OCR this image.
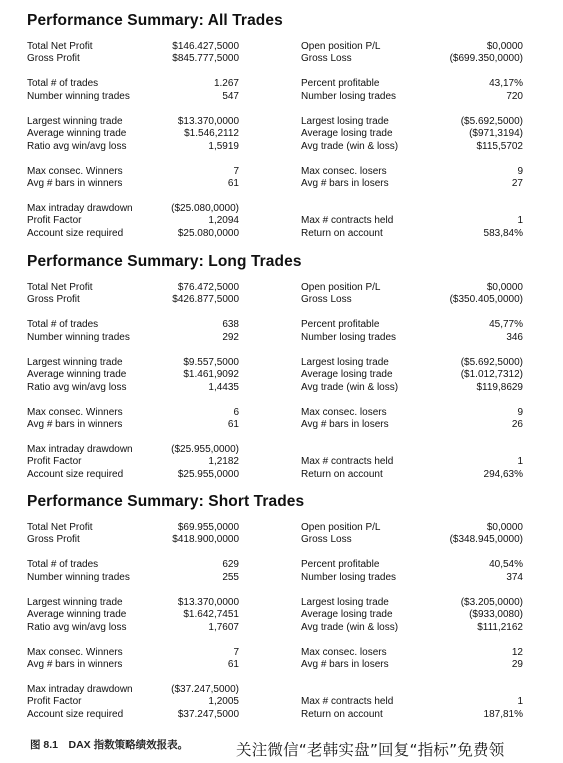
Performance Summary: All Trades
Total Net Profit	$146.427,5000	Open position P/L	$0,0000
Gross Profit	$845.777,5000	Gross Loss	($699.350,0000)
Total # of trades	1.267	Percent profitable	43,17%
Number winning trades	547	Number losing trades	720
Largest winning trade	$13.370,0000	Largest losing trade	($5.692,5000)
Average winning trade	$1.546,2112	Average losing trade	($971,3194)
Ratio avg win/avg loss	1,5919	Avg trade (win & loss)	$115,5702
Max consec. Winners	7	Max consec. losers	9
Avg # bars in winners	61	Avg # bars in losers	27
Max intraday drawdown	($25.080,0000)
Profit Factor	1,2094	Max # contracts held	1
Account size required	$25.080,0000	Return on account	583,84%
Performance Summary: Long Trades
Total Net Profit	$76.472,5000	Open position P/L	$0,0000
Gross Profit	$426.877,5000	Gross Loss	($350.405,0000)
Total # of trades	638	Percent profitable	45,77%
Number winning trades	292	Number losing trades	346
Largest winning trade	$9.557,5000	Largest losing trade	($5.692,5000)
Average winning trade	$1.461,9092	Average losing trade	($1.012,7312)
Ratio avg win/avg loss	1,4435	Avg trade (win & loss)	$119,8629
Max consec. Winners	6	Max consec. losers	9
Avg # bars in winners	61	Avg # bars in losers	26
Max intraday drawdown	($25.955,0000)
Profit Factor	1,2182	Max # contracts held	1
Account size required	$25.955,0000	Return on account	294,63%
Performance Summary: Short Trades
Total Net Profit	$69.955,0000	Open position P/L	$0,0000
Gross Profit	$418.900,0000	Gross Loss	($348.945,0000)
Total # of trades	629	Percent profitable	40,54%
Number winning trades	255	Number losing trades	374
Largest winning trade	$13.370,0000	Largest losing trade	($3.205,0000)
Average winning trade	$1.642,7451	Average losing trade	($933,0080)
Ratio avg win/avg loss	1,7607	Avg trade (win & loss)	$111,2162
Max consec. Winners	7	Max consec. losers	12
Avg # bars in winners	61	Avg # bars in losers	29
Max intraday drawdown	($37.247,5000)
Profit Factor	1,2005	Max # contracts held	1
Account size required	$37.247,5000	Return on account	187,81%
图 8.1　DAX 指数策略绩效报表。	关注微信“老韩实盘”回复“指标”免费领
